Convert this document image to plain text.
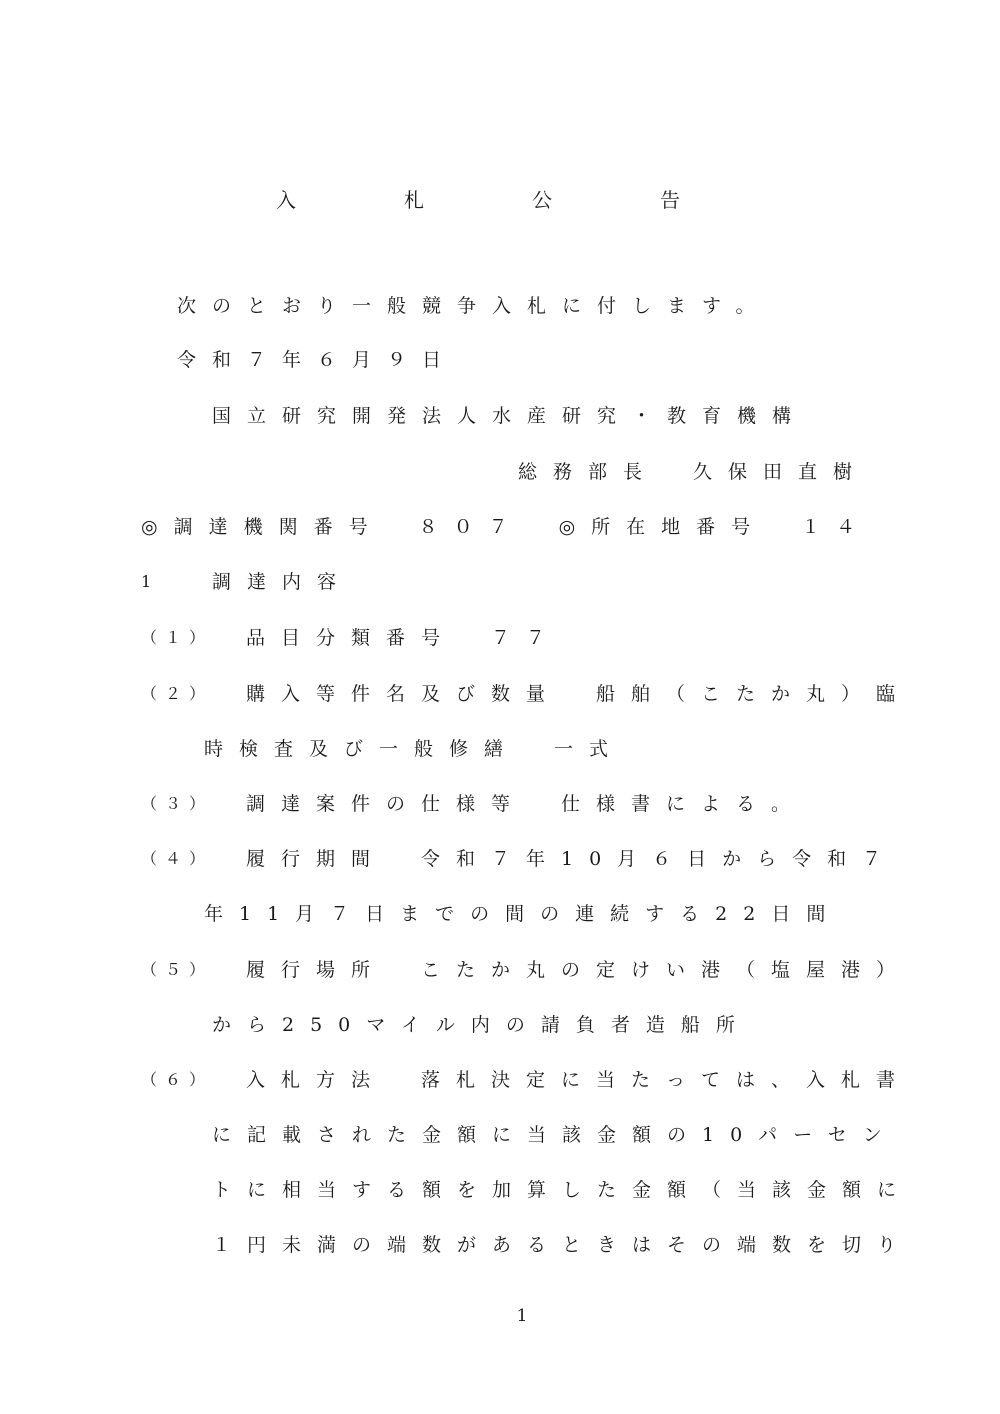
入　札　公　告
次のとおり一般競争入札に付します。
令和７年６月９日
国立研究開発法人水産研究・教育機構
総務部長　久保田直樹
◎調達機関番号　８０７　◎所在地番号　１４
1	調達内容
（１） 品目分類番号　７７
（２） 購入等件名及び数量　船舶（こたか丸）臨
時検査及び一般修繕　一式
（３） 調達案件の仕様等　仕様書による。
（４） 履行期間　令和７年10月６日から令和７
年11月７日までの間の連続する22日間
（５） 履行場所　こたか丸の定けい港（塩屋港）
から250マイル内の請負者造船所
（６） 入札方法　落札決定に当たっては、入札書
に記載された金額に当該金額の10パーセン
トに相当する額を加算した金額（当該金額に
１円未満の端数があるときはその端数を切り
1
